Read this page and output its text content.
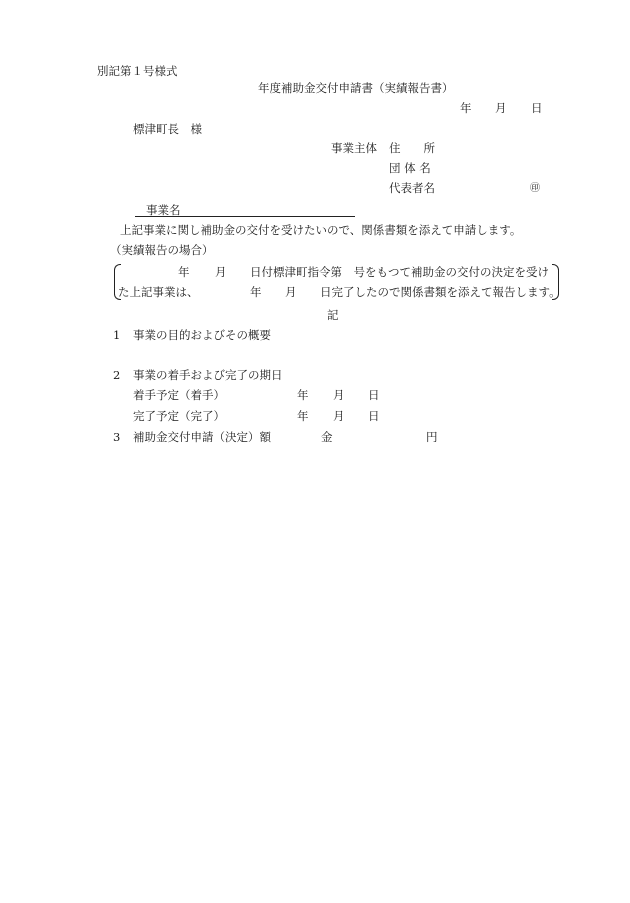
別記第１号様式
年度補助金交付申請書（実績報告書）
年 月 日
標津町長　様
事業主体 住　　所
団 体 名
代表者名	㊞
事業名
上記事業に関し補助金の交付を受けたいので、関係書類を添えて申請します。
（実績報告の場合）
年 月 日付標津町指令第　号をもつて補助金の交付の決定を受け
た上記事業は、	年 月 日完了したので関係書類を添えて報告します。
記
1 事業の目的およびその概要
2 事業の着手および完了の期日
着手予定（着手）	年 月 日
完了予定（完了）	年 月 日
3 補助金交付申請（決定）額	金	円
